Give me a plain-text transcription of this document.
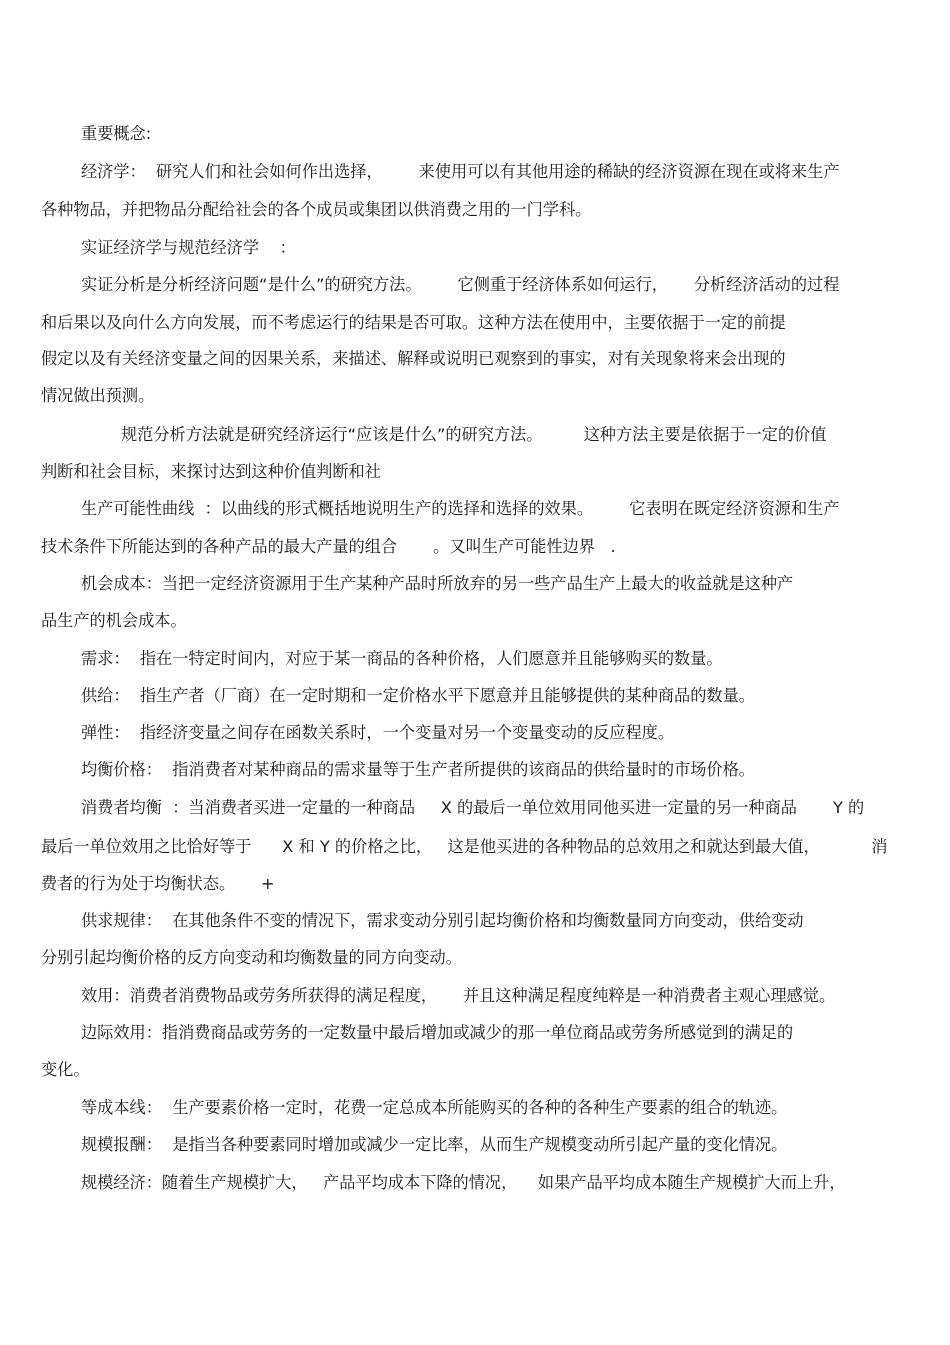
重要概念:
经济学：  研究人们和社会如何作出选择，       来使用可以有其他用途的稀缺的经济资源在现在或将来生产
各种物品，并把物品分配给社会的各个成员或集团以供消费之用的一门学科。
实证经济学与规范经济学    ：
实证分析是分析经济问题“是什么”的研究方法。       它侧重于经济体系如何运行，     分析经济活动的过程
和后果以及向什么方向发展，而不考虑运行的结果是否可取。这种方法在使用中，主要依据于一定的前提
假定以及有关经济变量之间的因果关系，来描述、解释或说明已观察到的事实，对有关现象将来会出现的
情况做出预测。
规范分析方法就是研究经济运行“应该是什么”的研究方法。        这种方法主要是依据于一定的价值
判断和社会目标，来探讨达到这种价值判断和社
生产可能性曲线  ：以曲线的形式概括地说明生产的选择和选择的效果。       它表明在既定经济资源和生产
技术条件下所能达到的各种产品的最大产量的组合       。又叫生产可能性边界   .
机会成本：当把一定经济资源用于生产某种产品时所放弃的另一些产品生产上最大的收益就是这种产
品生产的机会成本。
需求：  指在一特定时间内，对应于某一商品的各种价格，人们愿意并且能够购买的数量。
供给：  指生产者（厂商）在一定时期和一定价格水平下愿意并且能够提供的某种商品的数量。
弹性：  指经济变量之间存在函数关系时，一个变量对另一个变量变动的反应程度。
均衡价格：  指消费者对某种商品的需求量等于生产者所提供的该商品的供给量时的市场价格。
消费者均衡  ：当消费者买进一定量的一种商品     X 的最后一单位效用同他买进一定量的另一种商品       Y 的
最后一单位效用之比恰好等于      X 和 Y 的价格之比，   这是他买进的各种物品的总效用之和就达到最大值，          消
费者的行为处于均衡状态。     +
供求规律：  在其他条件不变的情况下，需求变动分别引起均衡价格和均衡数量同方向变动，供给变动
分别引起均衡价格的反方向变动和均衡数量的同方向变动。
效用：消费者消费物品或劳务所获得的满足程度，     并且这种满足程度纯粹是一种消费者主观心理感觉。
边际效用：指消费商品或劳务的一定数量中最后增加或减少的那一单位商品或劳务所感觉到的满足的
变化。
等成本线：  生产要素价格一定时，花费一定总成本所能购买的各种的各种生产要素的组合的轨迹。
规模报酬：  是指当各种要素同时增加或减少一定比率，从而生产规模变动所引起产量的变化情况。
规模经济：随着生产规模扩大，   产品平均成本下降的情况，    如果产品平均成本随生产规模扩大而上升，
